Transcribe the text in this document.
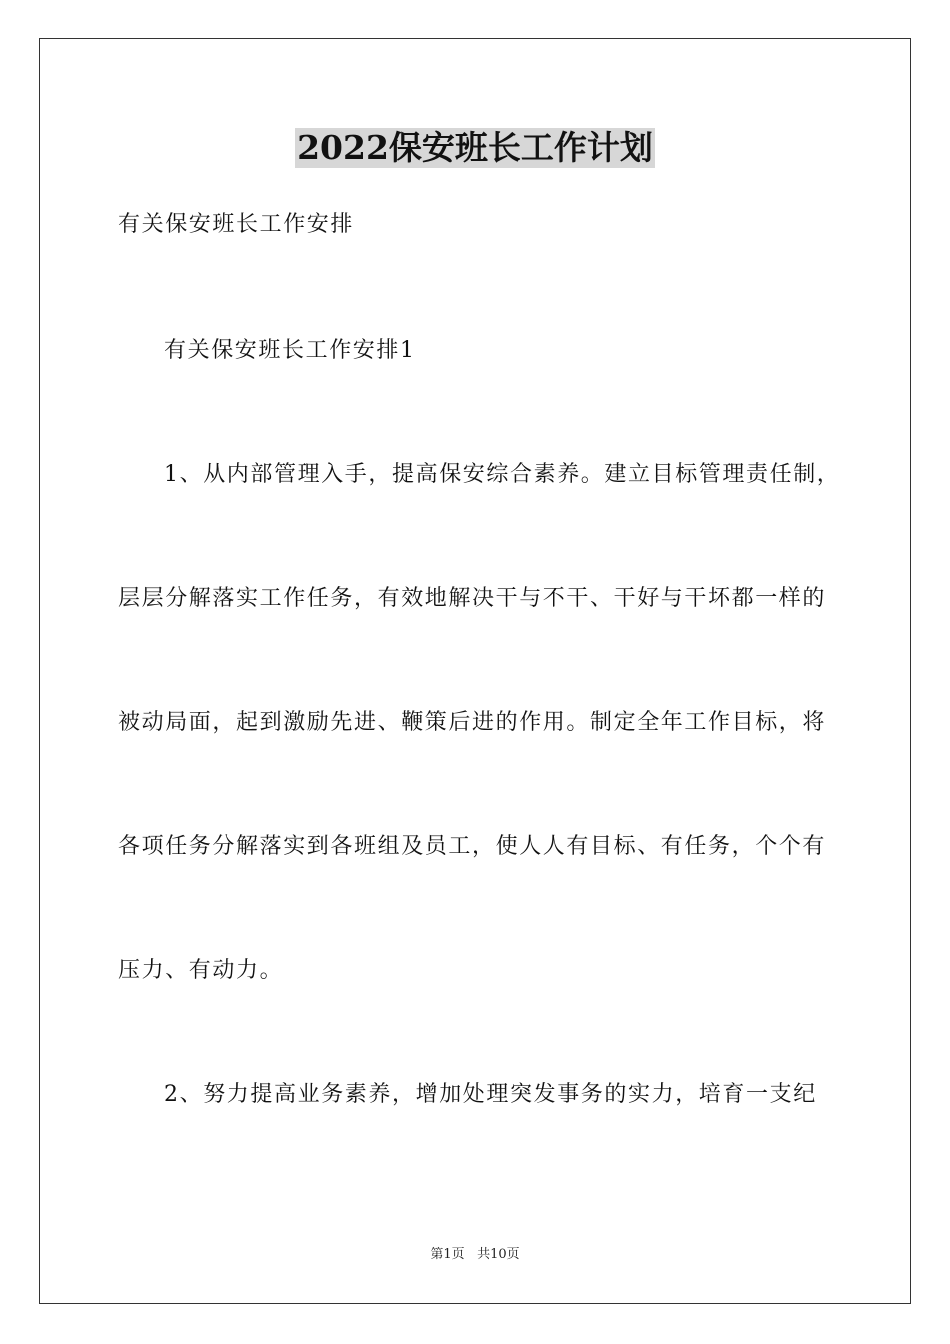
2022保安班长工作计划
有关保安班长工作安排
有关保安班长工作安排1
1、从内部管理入手，提高保安综合素养。建立目标管理责任制，
层层分解落实工作任务，有效地解决干与不干、干好与干坏都一样的
被动局面，起到激励先进、鞭策后进的作用。制定全年工作目标，将
各项任务分解落实到各班组及员工，使人人有目标、有任务，个个有
压力、有动力。
2、努力提高业务素养，增加处理突发事务的实力，培育一支纪
第1页 共10页
